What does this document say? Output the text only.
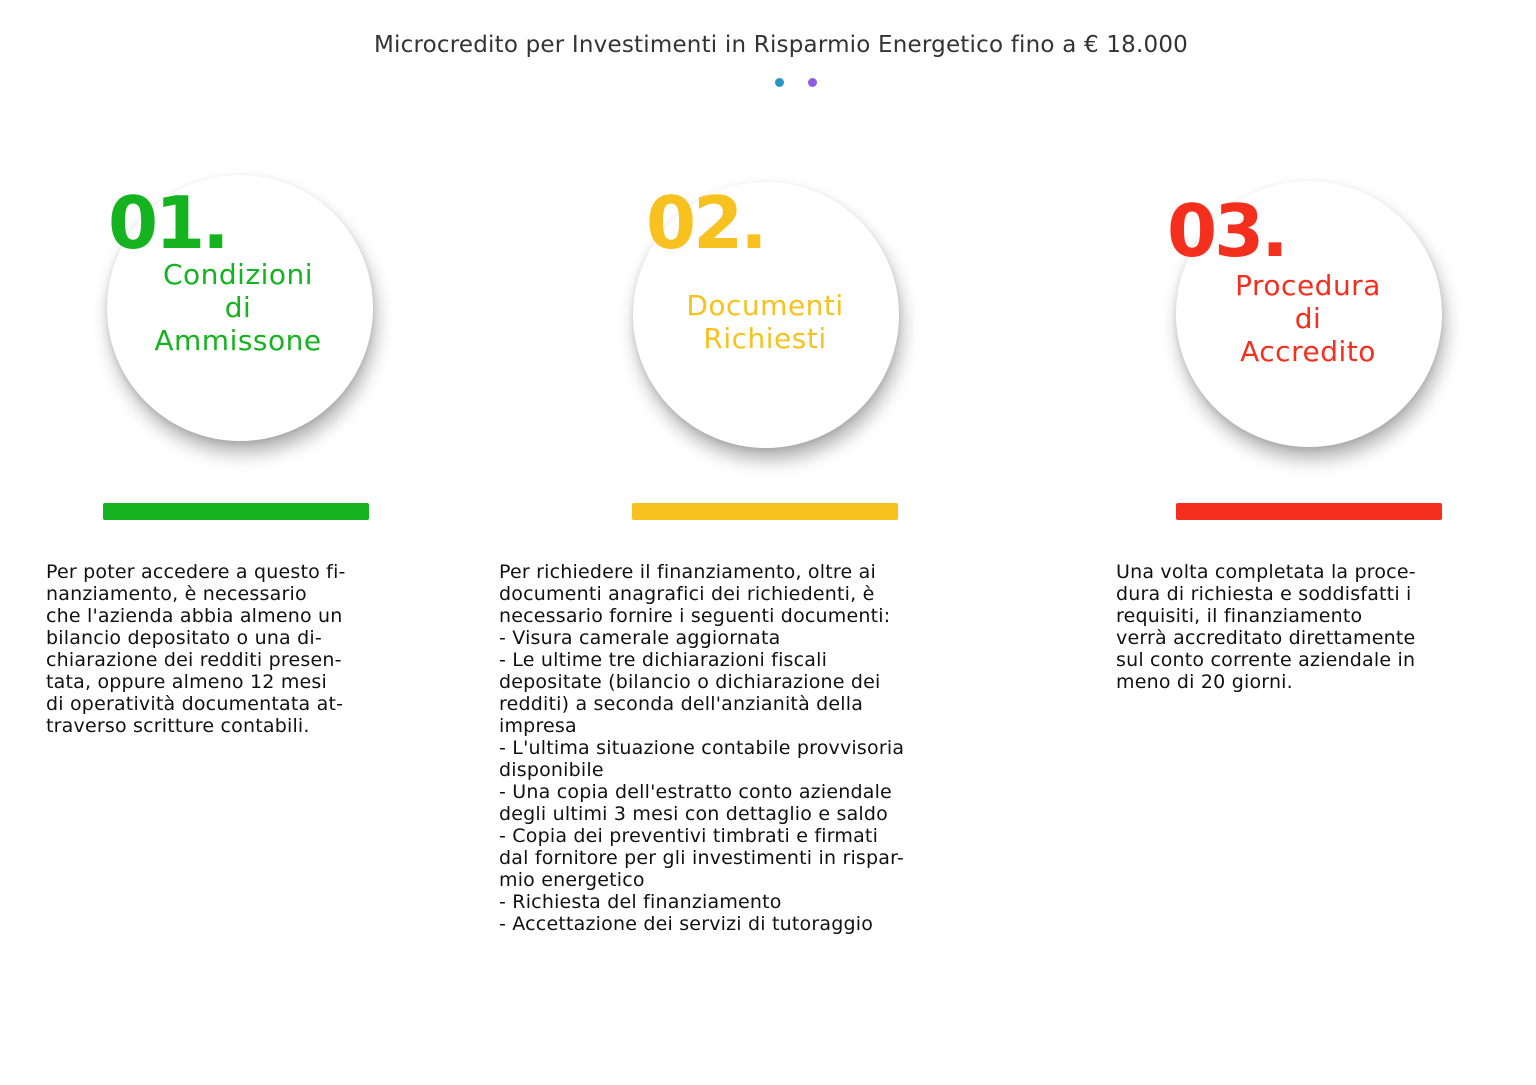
Microcredito per Investimenti in Risparmio Energetico fino a € 18.000
01.
Condizioni
di
Ammissone

Per poter accedere a questo fi-
nanziamento, è necessario
che l'azienda abbia almeno un
bilancio depositato o una di-
chiarazione dei redditi presen-
tata, oppure almeno 12 mesi
di operatività documentata at-
traverso scritture contabili.

02.
Documenti
Richiesti

Per richiedere il finanziamento, oltre ai
documenti anagrafici dei richiedenti, è
necessario fornire i seguenti documenti:
- Visura camerale aggiornata
- Le ultime tre dichiarazioni fiscali
depositate (bilancio o dichiarazione dei
redditi) a seconda dell'anzianità della
impresa
- L'ultima situazione contabile provvisoria
disponibile
- Una copia dell'estratto conto aziendale
degli ultimi 3 mesi con dettaglio e saldo
- Copia dei preventivi timbrati e firmati
dal fornitore per gli investimenti in rispar-
mio energetico
- Richiesta del finanziamento
- Accettazione dei servizi di tutoraggio

03.
Procedura
di
Accredito

Una volta completata la proce-
dura di richiesta e soddisfatti i
requisiti, il finanziamento
verrà accreditato direttamente
sul conto corrente aziendale in
meno di 20 giorni.
